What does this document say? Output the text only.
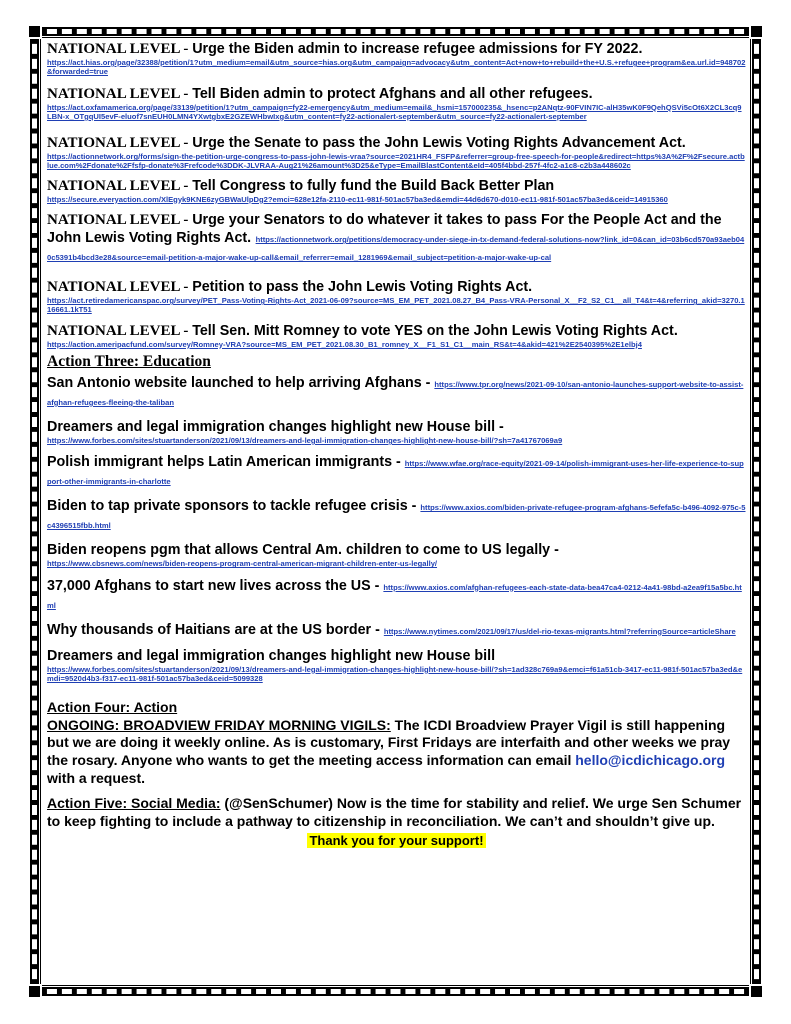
NATIONAL LEVEL - Urge the Biden admin to increase refugee admissions for FY 2022.
https://act.hias.org/page/32388/petition/1?utm_medium=email&utm_source=hias.org&utm_campaign=advocacy&utm_content=Act+now+to+rebuild+the+U.S.+refugee+program&ea.url.id=948702&forwarded=true
NATIONAL LEVEL - Tell Biden admin to protect Afghans and all other refugees.
https://act.oxfamamerica.org/page/33139/petition/1?utm_campaign=fy22-emergency&utm_medium=email&_hsmi=157000235&_hsenc=p2ANqtz-90FVIN7IC-alH35wK0F9QehQSVi5cOt6X2CL3cq9LBN-x_OTgqUI5evF-eluof7snEUH0LMN4YXwtgbxE2GZEWHbwIxg&utm_content=fy22-actionalert-september&utm_source=fy22-actionalert-september
NATIONAL LEVEL - Urge the Senate to pass the John Lewis Voting Rights Advancement Act.
https://actionnetwork.org/forms/sign-the-petition-urge-congress-to-pass-john-lewis-vraa?source=2021HR4_FSFP&referrer=group-free-speech-for-people&redirect=https%3A%2F%2Fsecure.actblue.com%2Fdonate%2Ffsfp-donate%3Frefcode%3DDK-JLVRAA-Aug21%26amount%3D25&eType=EmailBlastContent&eId=405f4bbd-257f-4fc2-a1c8-c2b3a448602c
NATIONAL LEVEL - Tell Congress to fully fund the Build Back Better Plan
https://secure.everyaction.com/XlEgyk9KNE6zyGBWaUlpDg2?emci=628e12fa-2110-ec11-981f-501ac57ba3ed&emdi=44d6d670-d010-ec11-981f-501ac57ba3ed&ceid=14915360
NATIONAL LEVEL - Urge your Senators to do whatever it takes to pass For the People Act and the John Lewis Voting Rights Act. https://actionnetwork.org/petitions/democracy-under-siege-in-tx-demand-federal-solutions-now?link_id=0&can_id=03b6cd570a93aeb040c5391b4bcd3e28&source=email-petition-a-major-wake-up-call&email_referrer=email_1281969&email_subject=petition-a-major-wake-up-cal
NATIONAL LEVEL - Petition to pass the John Lewis Voting Rights Act.
https://act.retiredamericanspac.org/survey/PET_Pass-Voting-Rights-Act_2021-06-09?source=MS_EM_PET_2021.08.27_B4_Pass-VRA-Personal_X__F2_S2_C1__all_T4&t=4&referring_akid=3270.116661.1kT51
NATIONAL LEVEL - Tell Sen. Mitt Romney to vote YES on the John Lewis Voting Rights Act.
https://action.ameripacfund.com/survey/Romney-VRA?source=MS_EM_PET_2021.08.30_B1_romney_X__F1_S1_C1__main_RS&t=4&akid=421%2E2540395%2E1elbj4

Action Three: Education

San Antonio website launched to help arriving Afghans - https://www.tpr.org/news/2021-09-10/san-antonio-launches-support-website-to-assist-afghan-refugees-fleeing-the-taliban
Dreamers and legal immigration changes highlight new House bill -
https://www.forbes.com/sites/stuartanderson/2021/09/13/dreamers-and-legal-immigration-changes-highlight-new-house-bill/?sh=7a41767069a9
Polish immigrant helps Latin American immigrants - https://www.wfae.org/race-equity/2021-09-14/polish-immigrant-uses-her-life-experience-to-support-other-immigrants-in-charlotte
Biden to tap private sponsors to tackle refugee crisis - https://www.axios.com/biden-private-refugee-program-afghans-5efefa5c-b496-4092-975c-5c4396515fbb.html
Biden reopens pgm that allows Central Am. children to come to US legally -
https://www.cbsnews.com/news/biden-reopens-program-central-american-migrant-children-enter-us-legally/
37,000 Afghans to start new lives across the US - https://www.axios.com/afghan-refugees-each-state-data-bea47ca4-0212-4a41-98bd-a2ea9f15a5bc.html
Why thousands of Haitians are at the US border - https://www.nytimes.com/2021/09/17/us/del-rio-texas-migrants.html?referringSource=articleShare
Dreamers and legal immigration changes highlight new House bill
https://www.forbes.com/sites/stuartanderson/2021/09/13/dreamers-and-legal-immigration-changes-highlight-new-house-bill/?sh=1ad328c769a9&emci=f61a51cb-3417-ec11-981f-501ac57ba3ed&emdi=9520d4b3-f317-ec11-981f-501ac57ba3ed&ceid=5099328

Action Four: Action

ONGOING: BROADVIEW FRIDAY MORNING VIGILS: The ICDI Broadview Prayer Vigil is still happening but we are doing it weekly online. As is customary, First Fridays are interfaith and other weeks we pray the rosary. Anyone who wants to get the meeting access information can email hello@icdichicago.org with a request.

Action Five: Social Media: (@SenSchumer) Now is the time for stability and relief. We urge Sen Schumer to keep fighting to include a pathway to citizenship in reconciliation. We can’t and shouldn’t give up.

Thank you for your support!
